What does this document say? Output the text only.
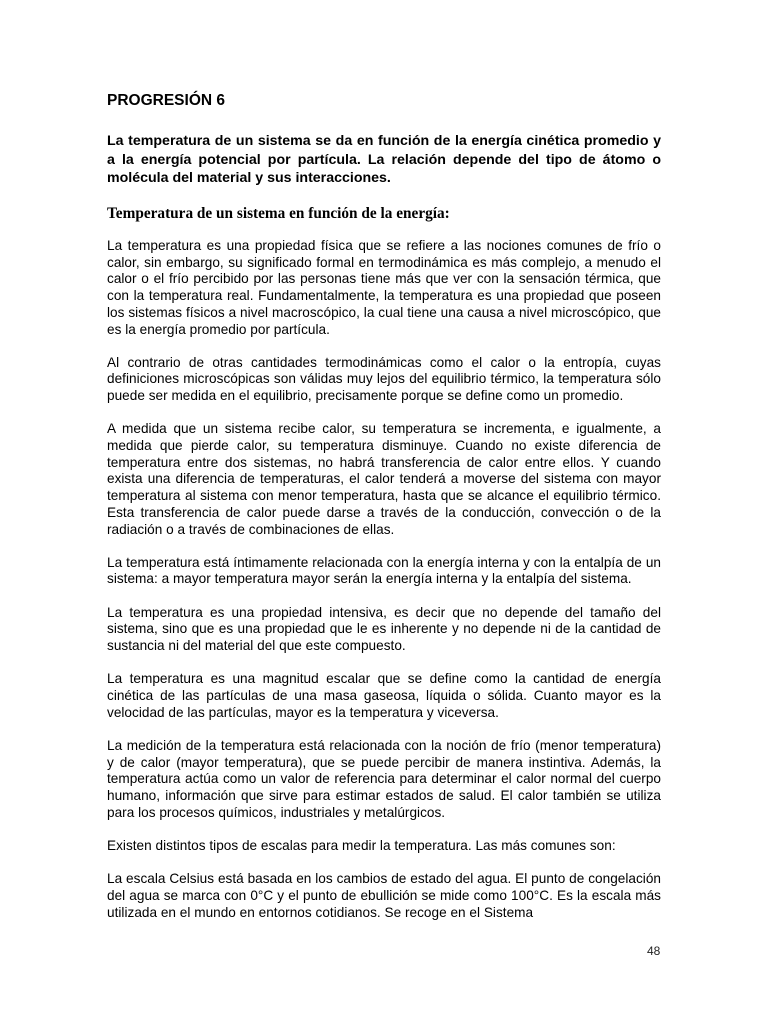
PROGRESIÓN 6

La temperatura de un sistema se da en función de la energía cinética promedio y a la energía potencial por partícula. La relación depende del tipo de átomo o molécula del material y sus interacciones.

Temperatura de un sistema en función de la energía:

La temperatura es una propiedad física que se refiere a las nociones comunes de frío o calor, sin embargo, su significado formal en termodinámica es más complejo, a menudo el calor o el frío percibido por las personas tiene más que ver con la sensación térmica, que con la temperatura real. Fundamentalmente, la temperatura es una propiedad que poseen los sistemas físicos a nivel macroscópico, la cual tiene una causa a nivel microscópico, que es la energía promedio por partícula.

Al contrario de otras cantidades termodinámicas como el calor o la entropía, cuyas definiciones microscópicas son válidas muy lejos del equilibrio térmico, la temperatura sólo puede ser medida en el equilibrio, precisamente porque se define como un promedio.

A medida que un sistema recibe calor, su temperatura se incrementa, e igualmente, a medida que pierde calor, su temperatura disminuye. Cuando no existe diferencia de temperatura entre dos sistemas, no habrá transferencia de calor entre ellos. Y cuando exista una diferencia de temperaturas, el calor tenderá a moverse del sistema con mayor temperatura al sistema con menor temperatura, hasta que se alcance el equilibrio térmico. Esta transferencia de calor puede darse a través de la conducción, convección o de la radiación o a través de combinaciones de ellas.

La temperatura está íntimamente relacionada con la energía interna y con la entalpía de un sistema: a mayor temperatura mayor serán la energía interna y la entalpía del sistema.

La temperatura es una propiedad intensiva, es decir que no depende del tamaño del sistema, sino que es una propiedad que le es inherente y no depende ni de la cantidad de sustancia ni del material del que este compuesto.

La temperatura es una magnitud escalar que se define como la cantidad de energía cinética de las partículas de una masa gaseosa, líquida o sólida. Cuanto mayor es la velocidad de las partículas, mayor es la temperatura y viceversa.

La medición de la temperatura está relacionada con la noción de frío (menor temperatura) y de calor (mayor temperatura), que se puede percibir de manera instintiva. Además, la temperatura actúa como un valor de referencia para determinar el calor normal del cuerpo humano, información que sirve para estimar estados de salud. El calor también se utiliza para los procesos químicos, industriales y metalúrgicos.

Existen distintos tipos de escalas para medir la temperatura. Las más comunes son:

La escala Celsius está basada en los cambios de estado del agua. El punto de congelación del agua se marca con 0°C y el punto de ebullición se mide como 100°C. Es la escala más utilizada en el mundo en entornos cotidianos. Se recoge en el Sistema

48
